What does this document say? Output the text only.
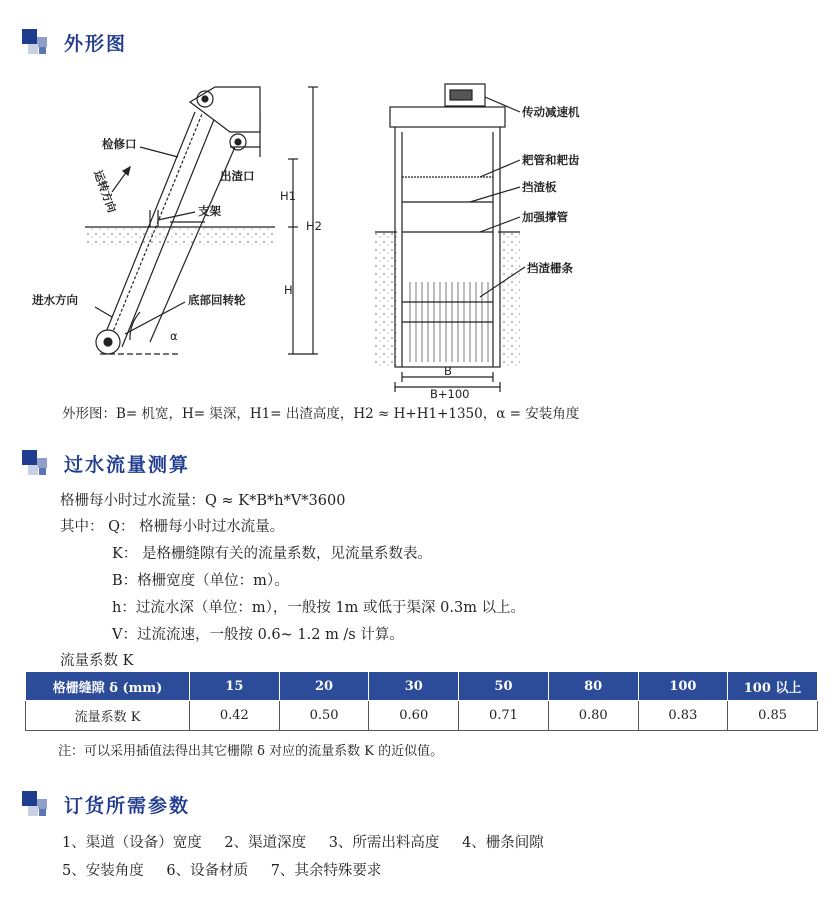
外形图
检修口
运转方向	出渣口
支架
进水方向	底部回转轮
α
H1
H
H2
传动减速机
耙管和耙齿
挡渣板
加强撑管
挡渣栅条
B
B+100
外形图：B= 机宽，H= 渠深，H1= 出渣高度，H2 ≈ H+H1+1350，α = 安装角度
过水流量测算
格栅每小时过水流量：Q ≈ K*B*h*V*3600
其中： Q： 格栅每小时过水流量。
K： 是格栅缝隙有关的流量系数，见流量系数表。
B：格栅宽度（单位：m）。
h：过流水深（单位：m），一般按 1m 或低于渠深 0.3m 以上。
V：过流流速，一般按 0.6~ 1.2 m /s 计算。
流量系数 K
格栅缝隙 δ (mm)	15	20	30	50	80	100	100 以上
流量系数 K	0.42	0.50	0.60	0.71	0.80	0.83	0.85
注：可以采用插值法得出其它栅隙 δ 对应的流量系数 K 的近似值。
订货所需参数
1、渠道（设备）宽度 2、渠道深度 3、所需出料高度 4、栅条间隙
5、安装角度 6、设备材质 7、其余特殊要求
